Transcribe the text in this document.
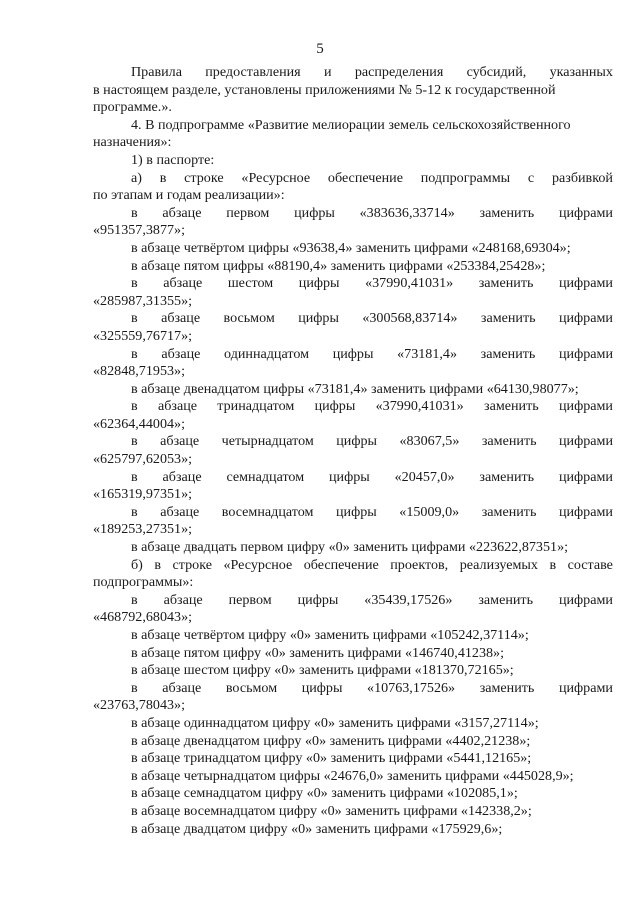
5
Правила предоставления и распределения субсидий, указанных
в настоящем разделе, установлены приложениями № 5-12 к государственной
программе.».
4. В подпрограмме «Развитие мелиорации земель сельскохозяйственного
назначения»:
1) в паспорте:
а) в строке «Ресурсное обеспечение подпрограммы с разбивкой
по этапам и годам реализации»:
в абзаце первом цифры «383636,33714» заменить цифрами
«951357,3877»;
в абзаце четвёртом цифры «93638,4» заменить цифрами «248168,69304»;
в абзаце пятом цифры «88190,4» заменить цифрами «253384,25428»;
в абзаце шестом цифры «37990,41031» заменить цифрами
«285987,31355»;
в абзаце восьмом цифры «300568,83714» заменить цифрами
«325559,76717»;
в абзаце одиннадцатом цифры «73181,4» заменить цифрами
«82848,71953»;
в абзаце двенадцатом цифры «73181,4» заменить цифрами «64130,98077»;
в абзаце тринадцатом цифры «37990,41031» заменить цифрами
«62364,44004»;
в абзаце четырнадцатом цифры «83067,5» заменить цифрами
«625797,62053»;
в абзаце семнадцатом цифры «20457,0» заменить цифрами
«165319,97351»;
в абзаце восемнадцатом цифры «15009,0» заменить цифрами
«189253,27351»;
в абзаце двадцать первом цифру «0» заменить цифрами «223622,87351»;
б) в строке «Ресурсное обеспечение проектов, реализуемых в составе
подпрограммы»:
в абзаце первом цифры «35439,17526» заменить цифрами
«468792,68043»;
в абзаце четвёртом цифру «0» заменить цифрами «105242,37114»;
в абзаце пятом цифру «0» заменить цифрами «146740,41238»;
в абзаце шестом цифру «0» заменить цифрами «181370,72165»;
в абзаце восьмом цифры «10763,17526» заменить цифрами
«23763,78043»;
в абзаце одиннадцатом цифру «0» заменить цифрами «3157,27114»;
в абзаце двенадцатом цифру «0» заменить цифрами «4402,21238»;
в абзаце тринадцатом цифру «0» заменить цифрами «5441,12165»;
в абзаце четырнадцатом цифры «24676,0» заменить цифрами «445028,9»;
в абзаце семнадцатом цифру «0» заменить цифрами «102085,1»;
в абзаце восемнадцатом цифру «0» заменить цифрами «142338,2»;
в абзаце двадцатом цифру «0» заменить цифрами «175929,6»;
